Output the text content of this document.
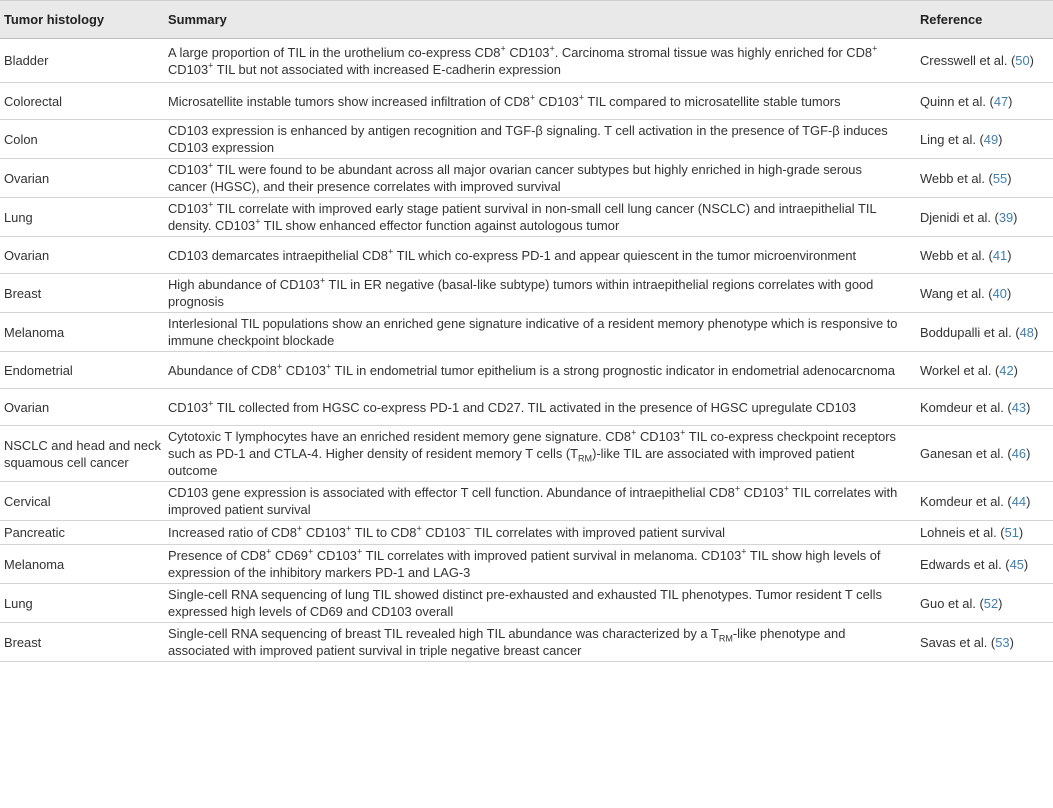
Tumor histology	Summary	Reference
Bladder	A large proportion of TIL in the urothelium co-express CD8+ CD103+. Carcinoma stromal tissue was highly enriched for CD8+ CD103+ TIL but not associated with increased E-cadherin expression	Cresswell et al. (50)
Colorectal	Microsatellite instable tumors show increased infiltration of CD8+ CD103+ TIL compared to microsatellite stable tumors	Quinn et al. (47)
Colon	CD103 expression is enhanced by antigen recognition and TGF-β signaling. T cell activation in the presence of TGF-β induces CD103 expression	Ling et al. (49)
Ovarian	CD103+ TIL were found to be abundant across all major ovarian cancer subtypes but highly enriched in high-grade serous cancer (HGSC), and their presence correlates with improved survival	Webb et al. (55)
Lung	CD103+ TIL correlate with improved early stage patient survival in non-small cell lung cancer (NSCLC) and intraepithelial TIL density. CD103+ TIL show enhanced effector function against autologous tumor	Djenidi et al. (39)
Ovarian	CD103 demarcates intraepithelial CD8+ TIL which co-express PD-1 and appear quiescent in the tumor microenvironment	Webb et al. (41)
Breast	High abundance of CD103+ TIL in ER negative (basal-like subtype) tumors within intraepithelial regions correlates with good prognosis	Wang et al. (40)
Melanoma	Interlesional TIL populations show an enriched gene signature indicative of a resident memory phenotype which is responsive to immune checkpoint blockade	Boddupalli et al. (48)
Endometrial	Abundance of CD8+ CD103+ TIL in endometrial tumor epithelium is a strong prognostic indicator in endometrial adenocarcnoma	Workel et al. (42)
Ovarian	CD103+ TIL collected from HGSC co-express PD-1 and CD27. TIL activated in the presence of HGSC upregulate CD103	Komdeur et al. (43)
NSCLC and head and neck squamous cell cancer	Cytotoxic T lymphocytes have an enriched resident memory gene signature. CD8+ CD103+ TIL co-express checkpoint receptors such as PD-1 and CTLA-4. Higher density of resident memory T cells $(T_{RM})$-like TIL are associated with improved patient outcome	Ganesan et al. (46)
Cervical	CD103 gene expression is associated with effector T cell function. Abundance of intraepithelial CD8+ CD103+ TIL correlates with improved patient survival	Komdeur et al. (44)
Pancreatic	Increased ratio of CD8+ CD103+ TIL to CD8+ CD103− TIL correlates with improved patient survival	Lohneis et al. (51)
Melanoma	Presence of CD8+ CD69+ CD103+ TIL correlates with improved patient survival in melanoma. CD103+ TIL show high levels of expression of the inhibitory markers PD-1 and LAG-3	Edwards et al. (45)
Lung	Single-cell RNA sequencing of lung TIL showed distinct pre-exhausted and exhausted TIL phenotypes. Tumor resident T cells expressed high levels of CD69 and CD103 overall	Guo et al. (52)
Breast	Single-cell RNA sequencing of breast TIL revealed high TIL abundance was characterized by a $T_{RM}$-like phenotype and associated with improved patient survival in triple negative breast cancer	Savas et al. (53)
